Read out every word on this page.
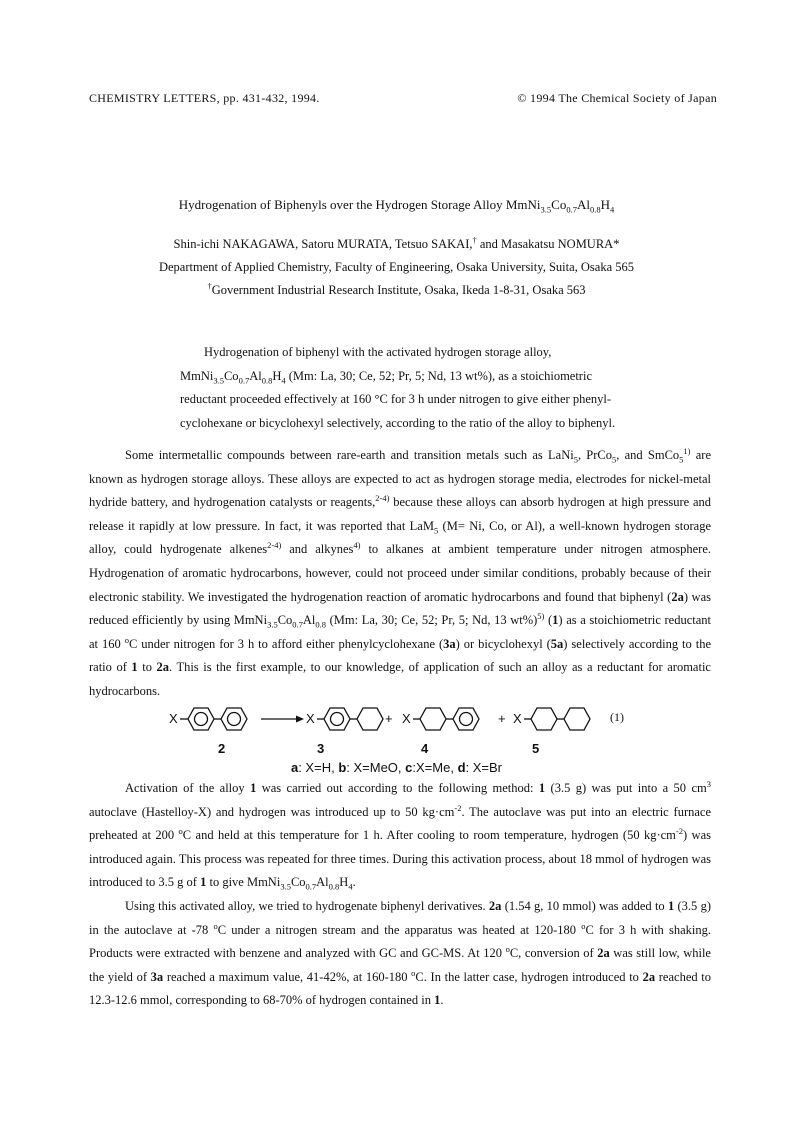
CHEMISTRY LETTERS, pp. 431-432, 1994.	© 1994 The Chemical Society of Japan
Hydrogenation of Biphenyls over the Hydrogen Storage Alloy $MmNi_{3.5}Co_{0.7}Al_{0.8}H_4$
Shin-ichi NAKAGAWA, Satoru MURATA, Tetsuo SAKAI,† and Masakatsu NOMURA*
Department of Applied Chemistry, Faculty of Engineering, Osaka University, Suita, Osaka 565
†Government Industrial Research Institute, Osaka, Ikeda 1-8-31, Osaka 563
Hydrogenation of biphenyl with the activated hydrogen storage alloy,
$MmNi_{3.5}Co_{0.7}Al_{0.8}H_4$ (Mm: La, 30; Ce, 52; Pr, 5; Nd, 13 wt%), as a stoichiometric
reductant proceeded effectively at 160 °C for 3 h under nitrogen to give either phenyl-
cyclohexane or bicyclohexyl selectively, according to the ratio of the alloy to biphenyl.
Some intermetallic compounds between rare-earth and transition metals such as LaNi$_5$, PrCo$_5$, and SmCo$_5^{1)}$ are known as hydrogen storage alloys. These alloys are expected to act as hydrogen storage media, electrodes for nickel-metal hydride battery, and hydrogenation catalysts or reagents,$^{2-4)}$ because these alloys can absorb hydrogen at high pressure and release it rapidly at low pressure. In fact, it was reported that LaM$_5$ (M= Ni, Co, or Al), a well-known hydrogen storage alloy, could hydrogenate alkenes$^{2-4)}$ and alkynes$^{4)}$ to alkanes at ambient temperature under nitrogen atmosphere. Hydrogenation of aromatic hydrocarbons, however, could not proceed under similar conditions, probably because of their electronic stability. We investigated the hydrogenation reaction of aromatic hydrocarbons and found that biphenyl (2a) was reduced efficiently by using $MmNi_{3.5}Co_{0.7}Al_{0.8}$ (Mm: La, 30; Ce, 52; Pr, 5; Nd, 13 wt%)$^{5)}$ (1) as a stoichiometric reductant at 160 $^o$C under nitrogen for 3 h to afford either phenylcyclohexane (3a) or bicyclohexyl (5a) selectively according to the ratio of 1 to 2a. This is the first example, to our knowledge, of application of such an alloy as a reductant for aromatic hydrocarbons.
X	X	+ X	+ X	(1)
2	3	4	5
a: X=H, b: X=MeO, c:X=Me, d: X=Br
Activation of the alloy 1 was carried out according to the following method: 1 (3.5 g) was put into a 50 $cm^3$ autoclave (Hastelloy-X) and hydrogen was introduced up to 50 $kg\cdot cm^{-2}$. The autoclave was put into an electric furnace preheated at 200 $^o$C and held at this temperature for 1 h. After cooling to room temperature, hydrogen (50 $kg\cdot cm^{-2}$) was introduced again. This process was repeated for three times. During this activation process, about 18 mmol of hydrogen was introduced to 3.5 g of 1 to give $MmNi_{3.5}Co_{0.7}Al_{0.8}H_4$.
Using this activated alloy, we tried to hydrogenate biphenyl derivatives. 2a (1.54 g, 10 mmol) was added to 1 (3.5 g) in the autoclave at -78 $^o$C under a nitrogen stream and the apparatus was heated at 120-180 $^o$C for 3 h with shaking. Products were extracted with benzene and analyzed with GC and GC-MS. At 120 $^o$C, conversion of 2a was still low, while the yield of 3a reached a maximum value, 41-42%, at 160-180 $^o$C. In the latter case, hydrogen introduced to 2a reached to 12.3-12.6 mmol, corresponding to 68-70% of hydrogen contained in 1.
